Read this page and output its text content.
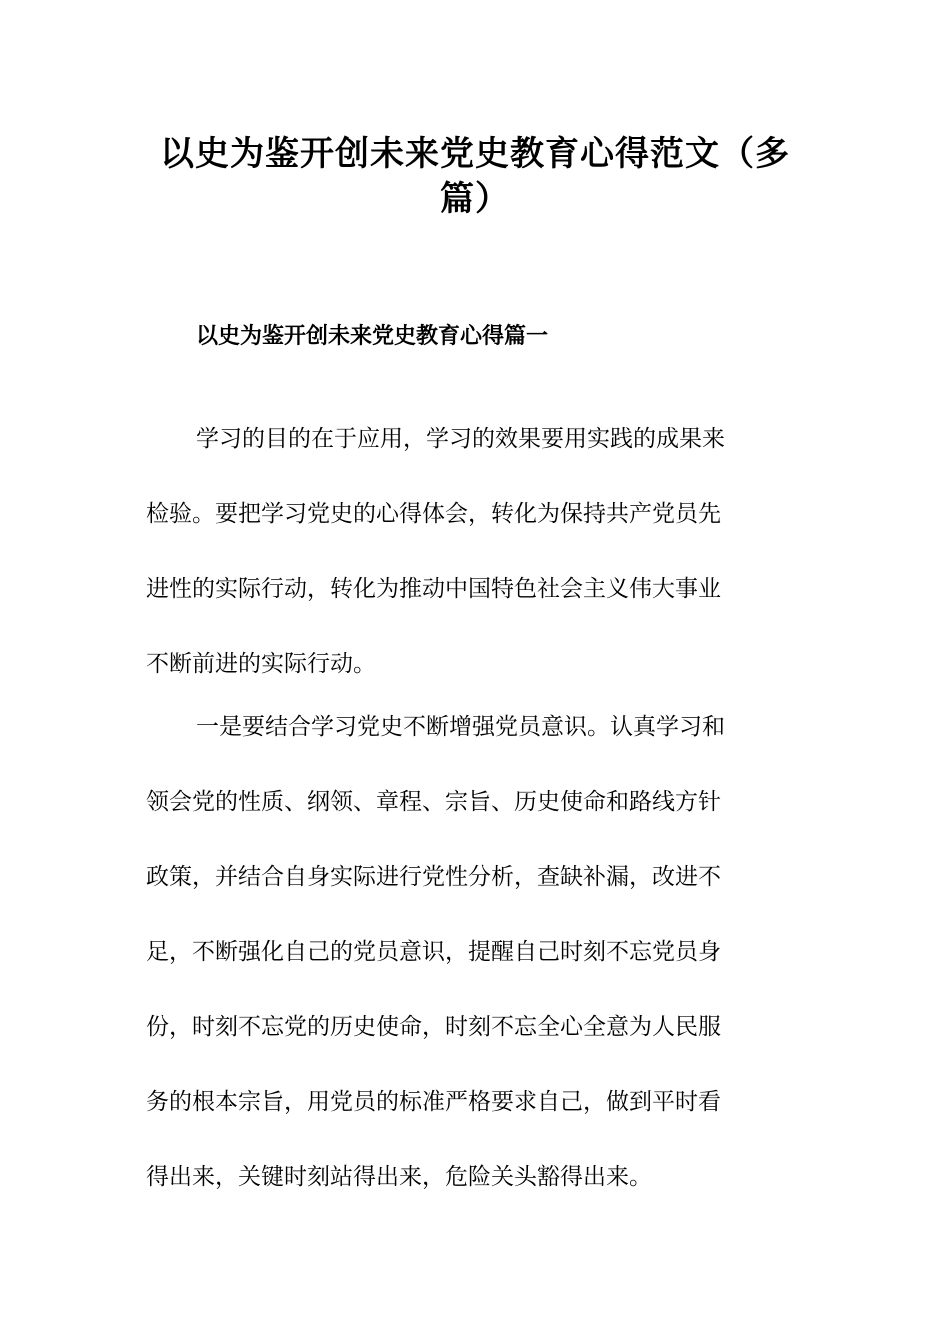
以史为鉴开创未来党史教育心得范文（多
篇）
以史为鉴开创未来党史教育心得篇一

学习的目的在于应用，学习的效果要用实践的成果来

检验。要把学习党史的心得体会，转化为保持共产党员先

进性的实际行动，转化为推动中国特色社会主义伟大事业

不断前进的实际行动。

一是要结合学习党史不断增强党员意识。认真学习和

领会党的性质、纲领、章程、宗旨、历史使命和路线方针

政策，并结合自身实际进行党性分析，查缺补漏，改进不

足，不断强化自己的党员意识，提醒自己时刻不忘党员身

份，时刻不忘党的历史使命，时刻不忘全心全意为人民服

务的根本宗旨，用党员的标准严格要求自己，做到平时看

得出来，关键时刻站得出来，危险关头豁得出来。
